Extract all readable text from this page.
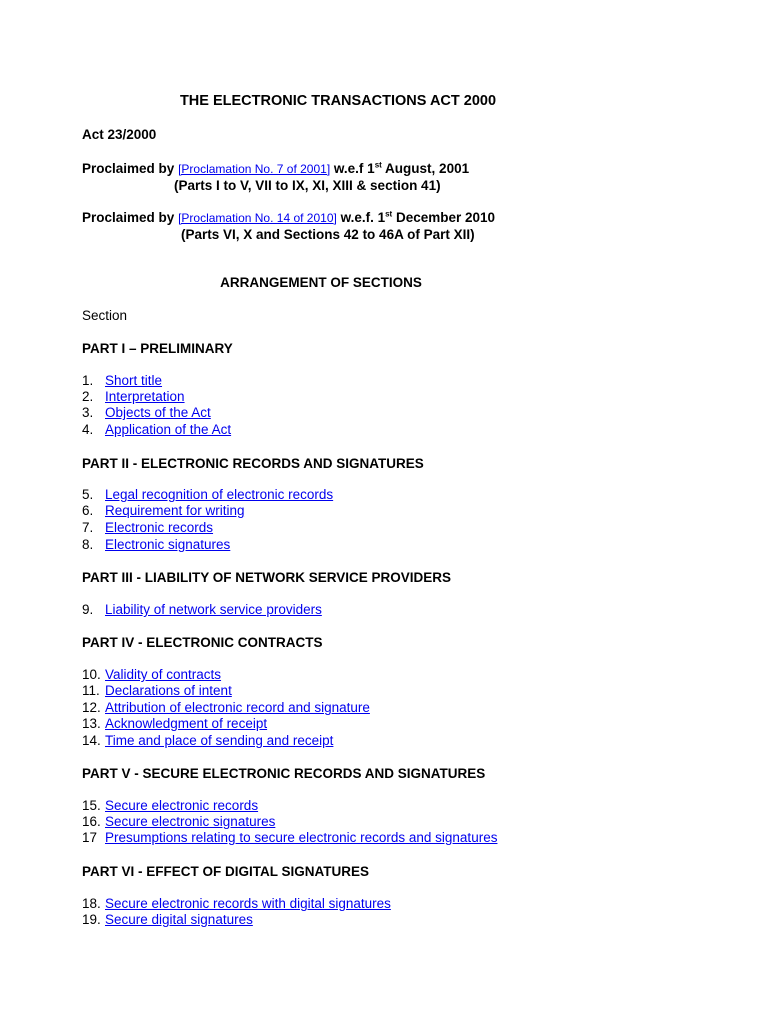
THE ELECTRONIC TRANSACTIONS ACT 2000
Act 23/2000
Proclaimed by [Proclamation No. 7 of 2001] w.e.f 1st August, 2001
(Parts I to V, VII to IX, XI, XIII & section 41)
Proclaimed by [Proclamation No. 14 of 2010] w.e.f. 1st December 2010
(Parts VI, X and Sections 42 to 46A of Part XII)
ARRANGEMENT OF SECTIONS
Section
PART I – PRELIMINARY
1. Short title
2. Interpretation
3. Objects of the Act
4. Application of the Act
PART II - ELECTRONIC RECORDS AND SIGNATURES
5. Legal recognition of electronic records
6. Requirement for writing
7. Electronic records
8. Electronic signatures
PART III - LIABILITY OF NETWORK SERVICE PROVIDERS
9. Liability of network service providers
PART IV - ELECTRONIC CONTRACTS
10. Validity of contracts
11. Declarations of intent
12. Attribution of electronic record and signature
13. Acknowledgment of receipt
14. Time and place of sending and receipt
PART V - SECURE ELECTRONIC RECORDS AND SIGNATURES
15. Secure electronic records
16. Secure electronic signatures
17 Presumptions relating to secure electronic records and signatures
PART VI - EFFECT OF DIGITAL SIGNATURES
18. Secure electronic records with digital signatures
19. Secure digital signatures
